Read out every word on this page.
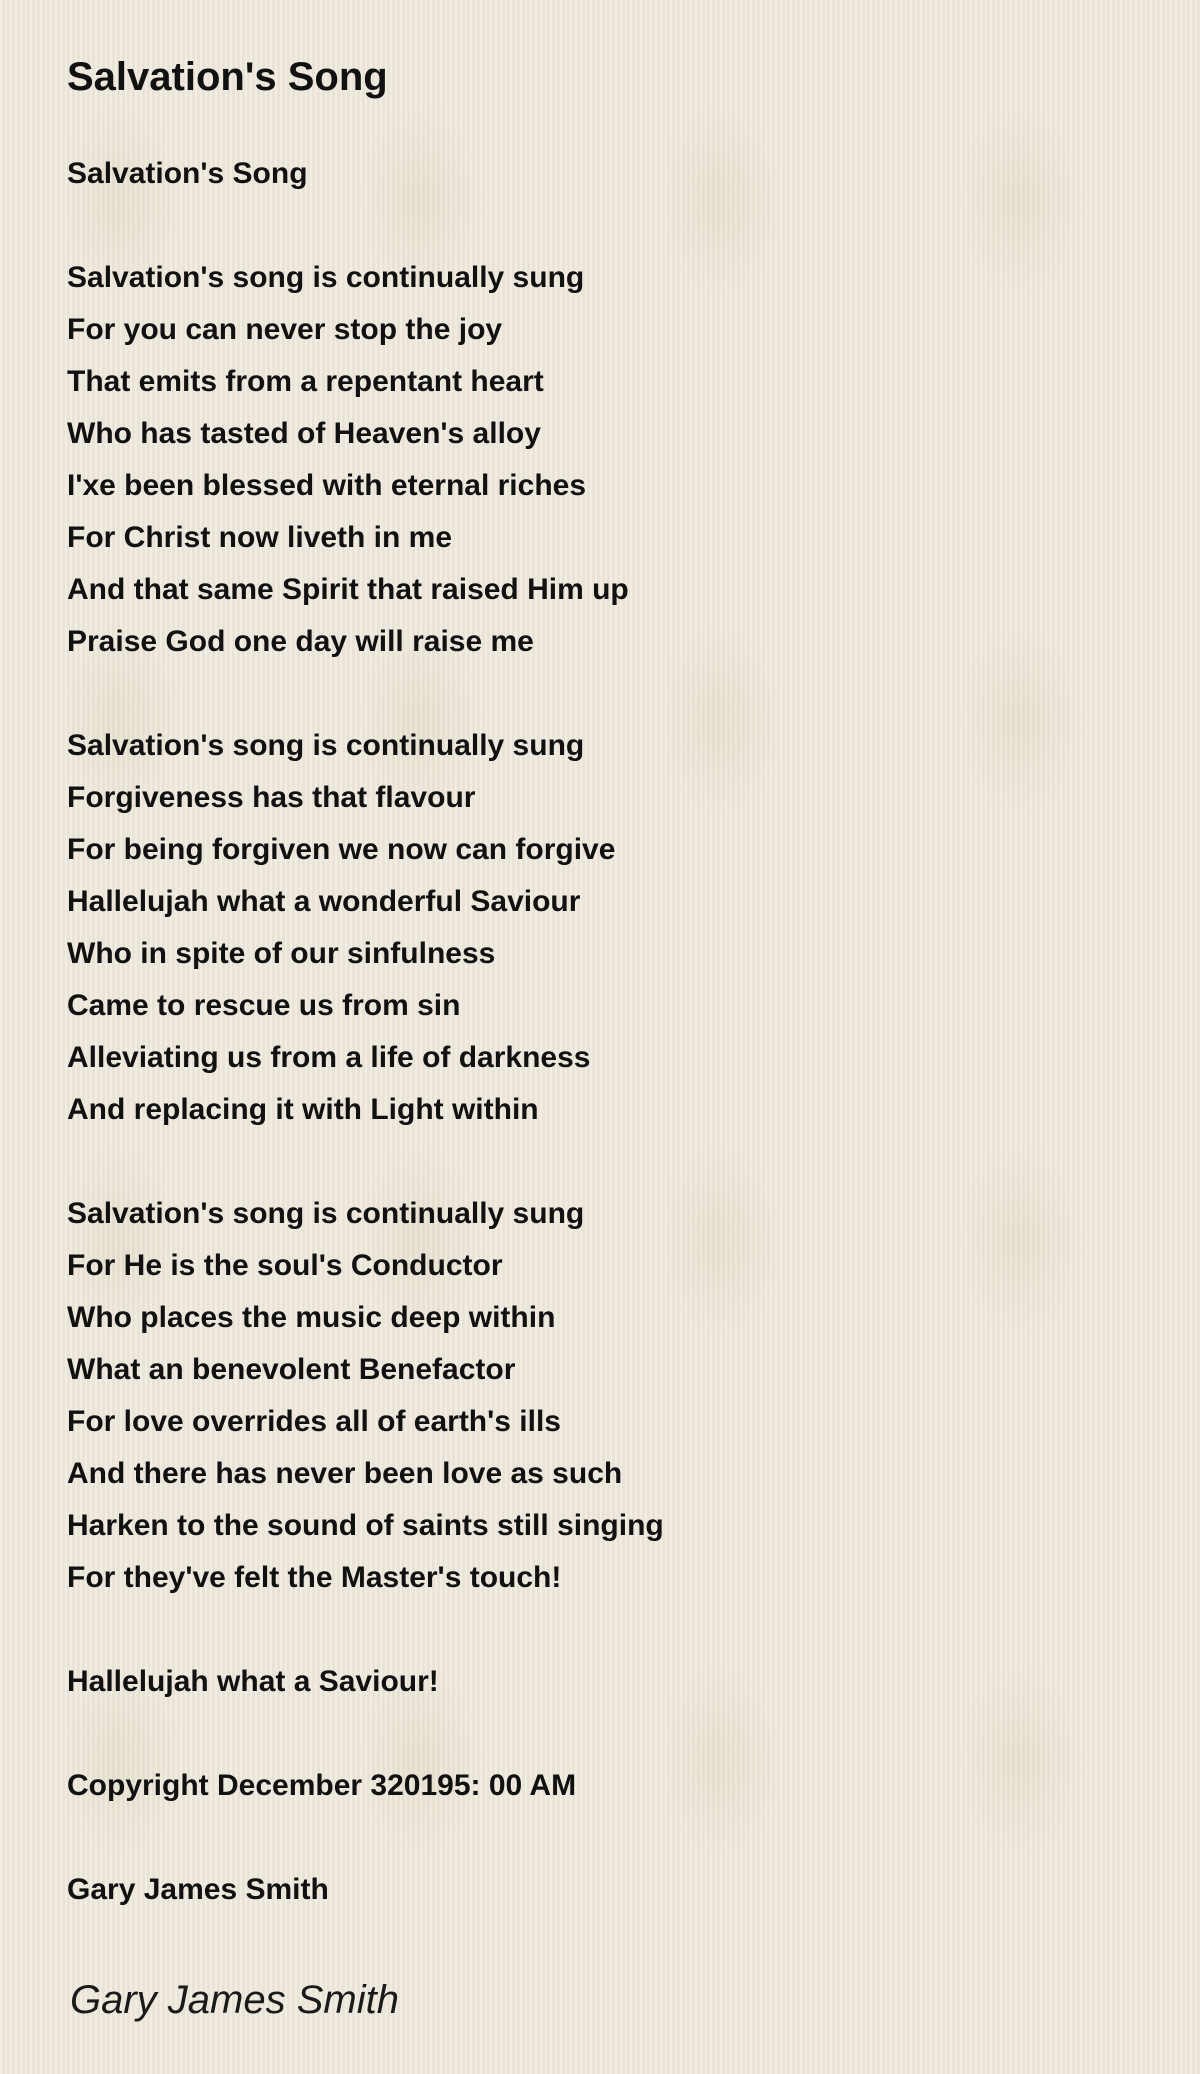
Salvation's Song
Salvation's Song
Salvation's song is continually sung
For you can never stop the joy
That emits from a repentant heart
Who has tasted of Heaven's alloy
I'xe been blessed with eternal riches
For Christ now liveth in me
And that same Spirit that raised Him up
Praise God one day will raise me
Salvation's song is continually sung
Forgiveness has that flavour
For being forgiven we now can forgive
Hallelujah what a wonderful Saviour
Who in spite of our sinfulness
Came to rescue us from sin
Alleviating us from a life of darkness
And replacing it with Light within
Salvation's song is continually sung
For He is the soul's Conductor
Who places the music deep within
What an benevolent Benefactor
For love overrides all of earth's ills
And there has never been love as such
Harken to the sound of saints still singing
For they've felt the Master's touch!
Hallelujah what a Saviour!
Copyright December 320195: 00 AM
Gary James Smith
Gary James Smith
